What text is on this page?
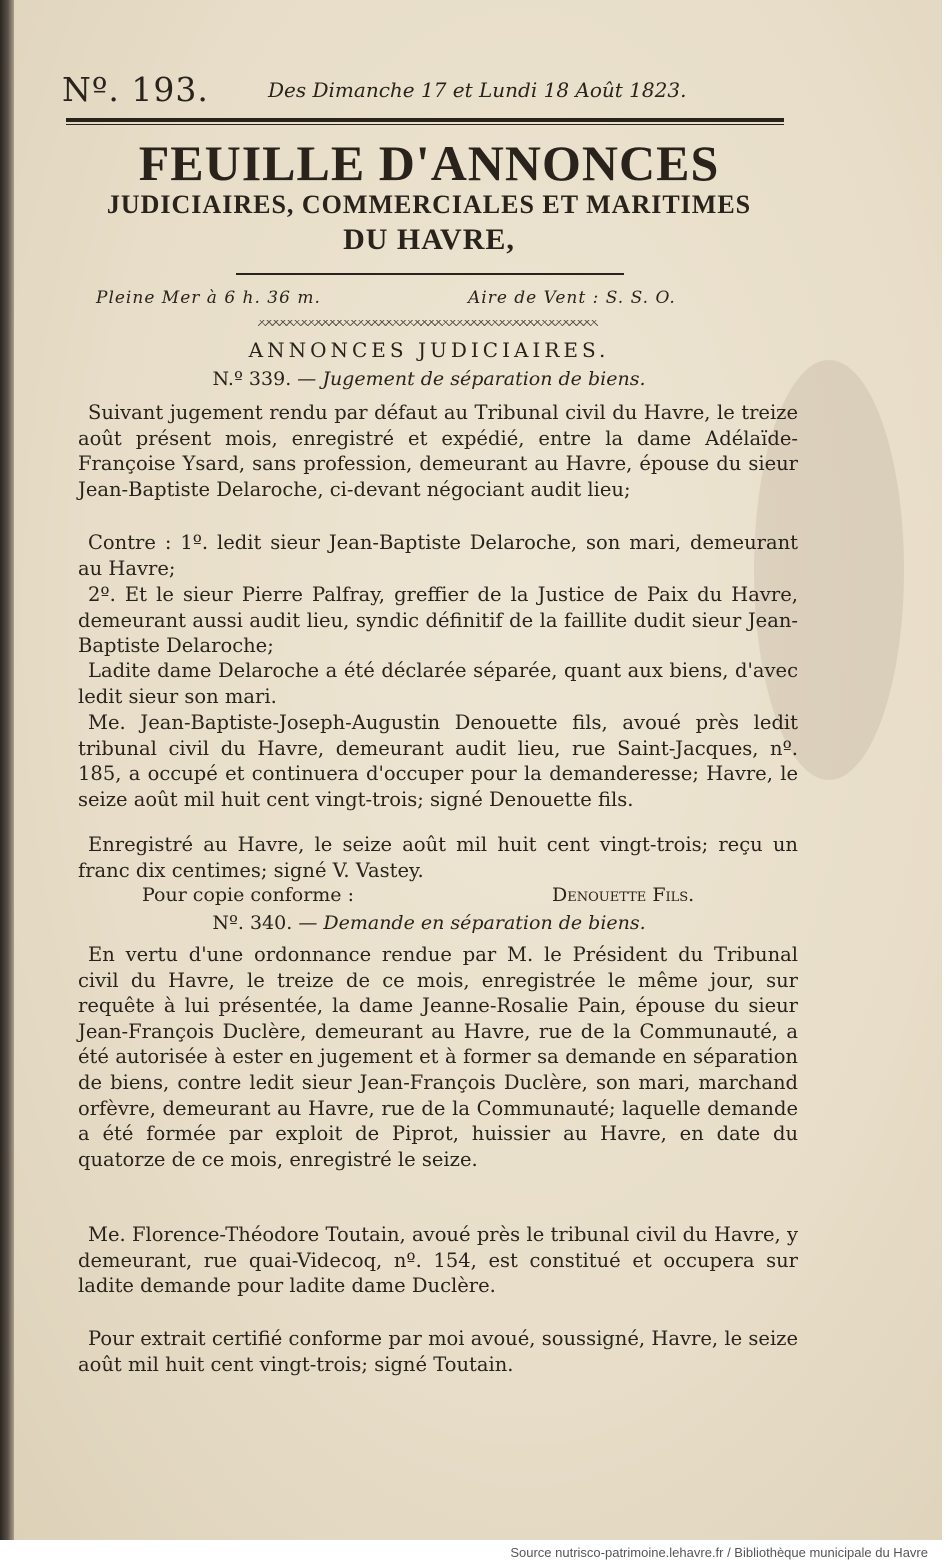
Nº. 193.	Des Dimanche 17 et Lundi 18 Août 1823.
FEUILLE D'ANNONCES
JUDICIAIRES, COMMERCIALES ET MARITIMES
DU HAVRE,
Pleine Mer à 6 h. 36 m.	Aire de Vent : S. S. O.
ANNONCES JUDICIAIRES.
N.º 339. — Jugement de séparation de biens.

Suivant jugement rendu par défaut au Tribunal civil du Havre, le treize août présent mois, enregistré et expédié, entre la dame Adélaïde-Françoise Ysard, sans profession, demeurant au Havre, épouse du sieur Jean-Baptiste Delaroche, ci-devant négociant audit lieu;

Contre : 1º. ledit sieur Jean-Baptiste Delaroche, son mari, demeurant au Havre;

2º. Et le sieur Pierre Palfray, greffier de la Justice de Paix du Havre, demeurant aussi audit lieu, syndic définitif de la faillite dudit sieur Jean-Baptiste Delaroche;

Ladite dame Delaroche a été déclarée séparée, quant aux biens, d'avec ledit sieur son mari.

Me. Jean-Baptiste-Joseph-Augustin Denouette fils, avoué près ledit tribunal civil du Havre, demeurant audit lieu, rue Saint-Jacques, nº. 185, a occupé et continuera d'occuper pour la demanderesse; Havre, le seize août mil huit cent vingt-trois; signé Denouette fils.

Enregistré au Havre, le seize août mil huit cent vingt-trois; reçu un franc dix centimes; signé V. Vastey.

Pour copie conforme :	Denouette Fils.
Nº. 340. — Demande en séparation de biens.

En vertu d'une ordonnance rendue par M. le Président du Tribunal civil du Havre, le treize de ce mois, enregistrée le même jour, sur requête à lui présentée, la dame Jeanne-Rosalie Pain, épouse du sieur Jean-François Duclère, demeurant au Havre, rue de la Communauté, a été autorisée à ester en jugement et à former sa demande en séparation de biens, contre ledit sieur Jean-François Duclère, son mari, marchand orfèvre, demeurant au Havre, rue de la Communauté; laquelle demande a été formée par exploit de Piprot, huissier au Havre, en date du quatorze de ce mois, enregistré le seize.

Me. Florence-Théodore Toutain, avoué près le tribunal civil du Havre, y demeurant, rue quai-Videcoq, nº. 154, est constitué et occupera sur ladite demande pour ladite dame Duclère.

Pour extrait certifié conforme par moi avoué, soussigné, Havre, le seize août mil huit cent vingt-trois; signé Toutain.

Source nutrisco-patrimoine.lehavre.fr / Bibliothèque municipale du Havre
